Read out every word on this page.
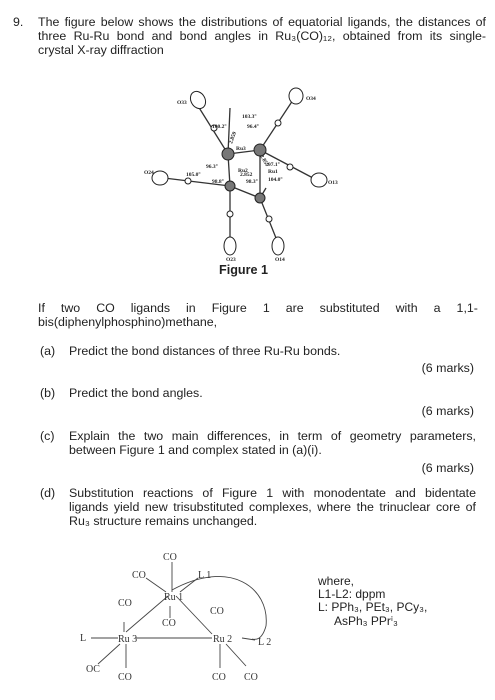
9. The figure below shows the distributions of equatorial ligands, the distances of
three Ru-Ru bond and bond angles in Ru₃(CO)₁₂, obtained from its single-
crystal X-ray diffraction
O33
O34
O24
O13
O23	O14
Ru3
Ru2	Ru1
103.3°
100.2°	96.4°
96.3°	97.1°
105.0°
104.0°
98.8°	98.3°
2.852
2.859
2.859
Figure 1
If two CO ligands in Figure 1 are substituted with a 1,1-
bis(diphenylphosphino)methane,
(a) Predict the bond distances of three Ru-Ru bonds.
(6 marks)
(b) Predict the bond angles.
(6 marks)
(c) Explain the two main differences, in term of geometry parameters,
between Figure 1 and complex stated in (a)(i).
(6 marks)
(d) Substitution reactions of Figure 1 with monodentate and bidentate
ligands yield new trisubstituted complexes, where the trinuclear core of
Ru₃ structure remains unchanged.
CO
CO
Ru 1
L 1
CO
CO
CO
L	Ru 3	Ru 2	L 2
OC
CO	CO CO
where,
L1-L2: dppm
L: PPh₃, PEt₃, PCy₃,
AsPh₃ PPrⁱ₃
